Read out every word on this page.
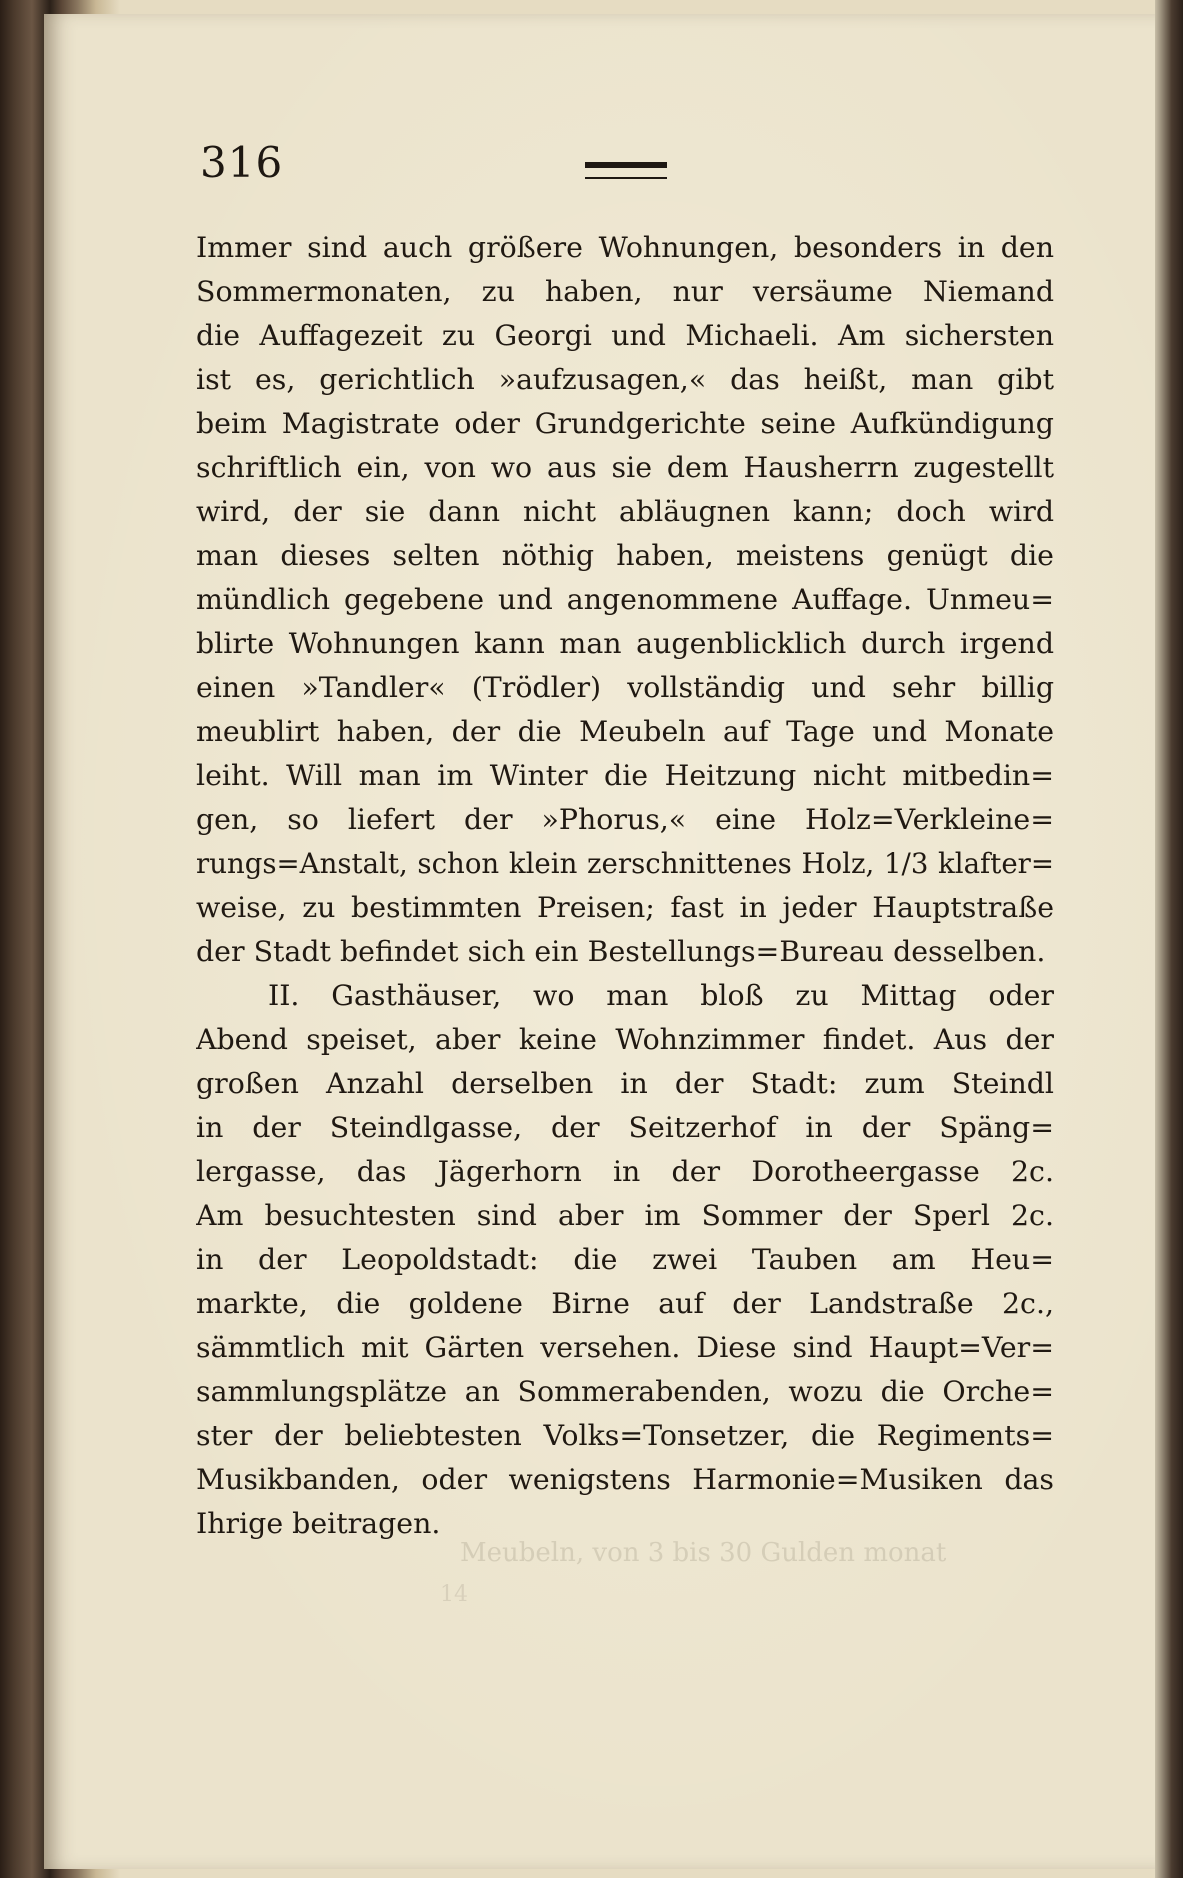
316
Immer sind auch größere Wohnungen, besonders in den
Sommermonaten, zu haben, nur versäume Niemand
die Auffagezeit zu Georgi und Michaeli. Am sichersten
ist es, gerichtlich »aufzusagen,« das heißt, man gibt
beim Magistrate oder Grundgerichte seine Aufkündigung
schriftlich ein, von wo aus sie dem Hausherrn zugestellt
wird, der sie dann nicht abläugnen kann; doch wird
man dieses selten nöthig haben, meistens genügt die
mündlich gegebene und angenommene Auffage. Unmeu=
blirte Wohnungen kann man augenblicklich durch irgend
einen »Tandler« (Trödler) vollständig und sehr billig
meublirt haben, der die Meubeln auf Tage und Monate
leiht. Will man im Winter die Heitzung nicht mitbedin=
gen, so liefert der »Phorus,« eine Holz=Verkleine=
rungs=Anstalt, schon klein zerschnittenes Holz, 1/3 klafter=
weise, zu bestimmten Preisen; fast in jeder Hauptstraße
der Stadt befindet sich ein Bestellungs=Bureau desselben.
II. Gasthäuser, wo man bloß zu Mittag oder
Abend speiset, aber keine Wohnzimmer findet. Aus der
großen Anzahl derselben in der Stadt: zum Steindl
in der Steindlgasse, der Seitzerhof in der Späng=
lergasse, das Jägerhorn in der Dorotheergasse 2c.
Am besuchtesten sind aber im Sommer der Sperl 2c.
in der Leopoldstadt: die zwei Tauben am Heu=
markte, die goldene Birne auf der Landstraße 2c.,
sämmtlich mit Gärten versehen. Diese sind Haupt=Ver=
sammlungsplätze an Sommerabenden, wozu die Orche=
ster der beliebtesten Volks=Tonsetzer, die Regiments=
Musikbanden, oder wenigstens Harmonie=Musiken das
Ihrige beitragen.
Meubeln, von 3 bis 30 Gulden monat
14
